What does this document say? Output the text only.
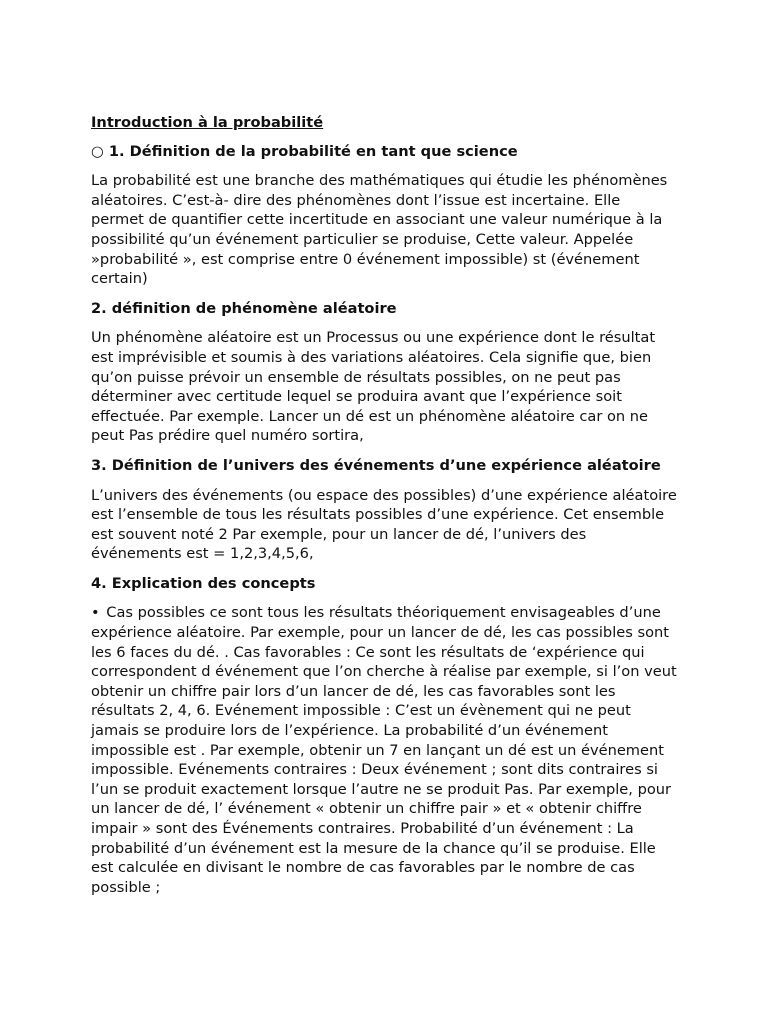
Introduction à la probabilité
○ 1. Définition de la probabilité en tant que science
La probabilité est une branche des mathématiques qui étudie les phénomènes aléatoires. C’est-à- dire des phénomènes dont l’issue est incertaine. Elle permet de quantifier cette incertitude en associant une valeur numérique à la possibilité qu’un événement particulier se produise, Cette valeur. Appelée »probabilité », est comprise entre 0 événement impossible) st (événement certain)
2. définition de phénomène aléatoire
Un phénomène aléatoire est un Processus ou une expérience dont le résultat est imprévisible et soumis à des variations aléatoires. Cela signifie que, bien qu’on puisse prévoir un ensemble de résultats possibles, on ne peut pas déterminer avec certitude lequel se produira avant que l’expérience soit effectuée. Par exemple. Lancer un dé est un phénomène aléatoire car on ne peut Pas prédire quel numéro sortira,
3. Définition de l’univers des événements d’une expérience aléatoire
L’univers des événements (ou espace des possibles) d’une expérience aléatoire est l’ensemble de tous les résultats possibles d’une expérience. Cet ensemble est souvent noté 2 Par exemple, pour un lancer de dé, l’univers des événements est = 1,2,3,4,5,6,
4. Explication des concepts
• Cas possibles ce sont tous les résultats théoriquement envisageables d’une expérience aléatoire. Par exemple, pour un lancer de dé, les cas possibles sont les 6 faces du dé. . Cas favorables : Ce sont les résultats de ‘expérience qui correspondent d événement que l’on cherche à réalise par exemple, si l’on veut obtenir un chiffre pair lors d’un lancer de dé, les cas favorables sont les résultats 2, 4, 6. Evénement impossible : C’est un évènement qui ne peut jamais se produire lors de l’expérience. La probabilité d’un événement impossible est . Par exemple, obtenir un 7 en lançant un dé est un événement impossible. Evénements contraires : Deux événement ; sont dits contraires si l’un se produit exactement lorsque l’autre ne se produit Pas. Par exemple, pour un lancer de dé, l’ événement « obtenir un chiffre pair » et « obtenir chiffre impair » sont des Événements contraires. Probabilité d’un événement : La probabilité d’un événement est la mesure de la chance qu’il se produise. Elle est calculée en divisant le nombre de cas favorables par le nombre de cas possible ;
